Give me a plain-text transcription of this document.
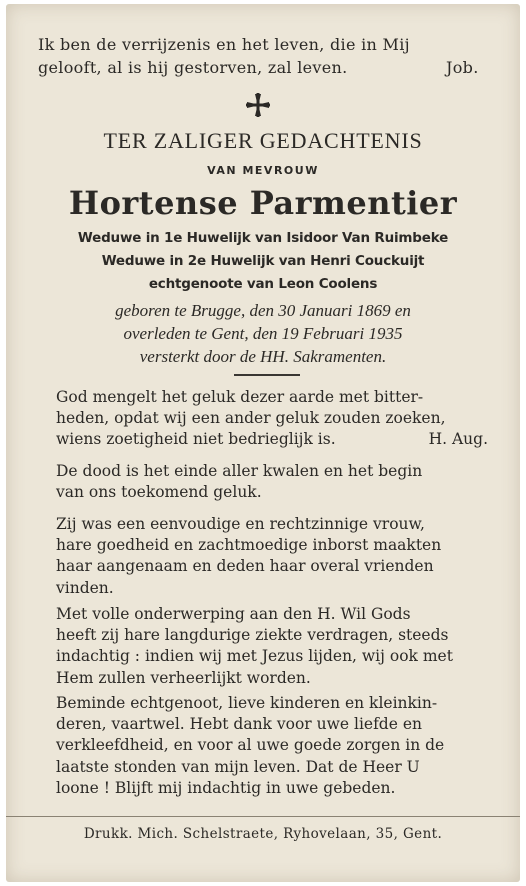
Ik ben de verrijzenis en het leven, die in Mij
gelooft, al is hij gestorven, zal leven.	Job.
TER ZALIGER GEDACHTENIS
VAN MEVROUW
Hortense Parmentier
Weduwe in 1e Huwelijk van Isidoor Van Ruimbeke
Weduwe in 2e Huwelijk van Henri Couckuijt
echtgenoote van Leon Coolens
geboren te Brugge, den 30 Januari 1869 en
overleden te Gent, den 19 Februari 1935
versterkt door de HH. Sakramenten.
God mengelt het geluk dezer aarde met bitter-
heden, opdat wij een ander geluk zouden zoeken,
wiens zoetigheid niet bedrieglijk is.	H. Aug.
De dood is het einde aller kwalen en het begin
van ons toekomend geluk.
Zij was een eenvoudige en rechtzinnige vrouw,
hare goedheid en zachtmoedige inborst maakten
haar aangenaam en deden haar overal vrienden
vinden.
Met volle onderwerping aan den H. Wil Gods
heeft zij hare langdurige ziekte verdragen, steeds
indachtig : indien wij met Jezus lijden, wij ook met
Hem zullen verheerlijkt worden.
Beminde echtgenoot, lieve kinderen en kleinkin-
deren, vaartwel. Hebt dank voor uwe liefde en
verkleefdheid, en voor al uwe goede zorgen in de
laatste stonden van mijn leven. Dat de Heer U
loone ! Blijft mij indachtig in uwe gebeden.
Drukk. Mich. Schelstraete, Ryhovelaan, 35, Gent.
